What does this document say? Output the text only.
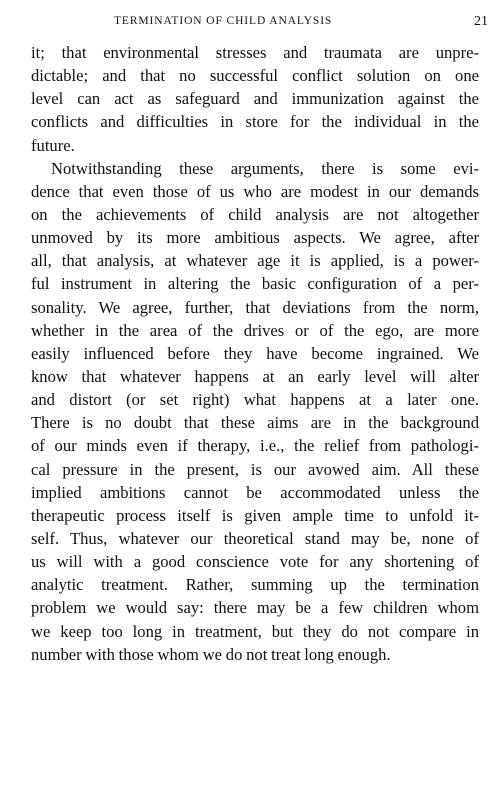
TERMINATION OF CHILD ANALYSIS	21
it; that environmental stresses and traumata are unpre-
dictable; and that no successful conflict solution on one
level can act as safeguard and immunization against the
conflicts and difficulties in store for the individual in the
future.
Notwithstanding these arguments, there is some evi-
dence that even those of us who are modest in our demands
on the achievements of child analysis are not altogether
unmoved by its more ambitious aspects. We agree, after
all, that analysis, at whatever age it is applied, is a power-
ful instrument in altering the basic configuration of a per-
sonality. We agree, further, that deviations from the norm,
whether in the area of the drives or of the ego, are more
easily influenced before they have become ingrained. We
know that whatever happens at an early level will alter
and distort (or set right) what happens at a later one.
There is no doubt that these aims are in the background
of our minds even if therapy, i.e., the relief from pathologi-
cal pressure in the present, is our avowed aim. All these
implied ambitions cannot be accommodated unless the
therapeutic process itself is given ample time to unfold it-
self. Thus, whatever our theoretical stand may be, none of
us will with a good conscience vote for any shortening of
analytic treatment. Rather, summing up the termination
problem we would say: there may be a few children whom
we keep too long in treatment, but they do not compare in
number with those whom we do not treat long enough.
